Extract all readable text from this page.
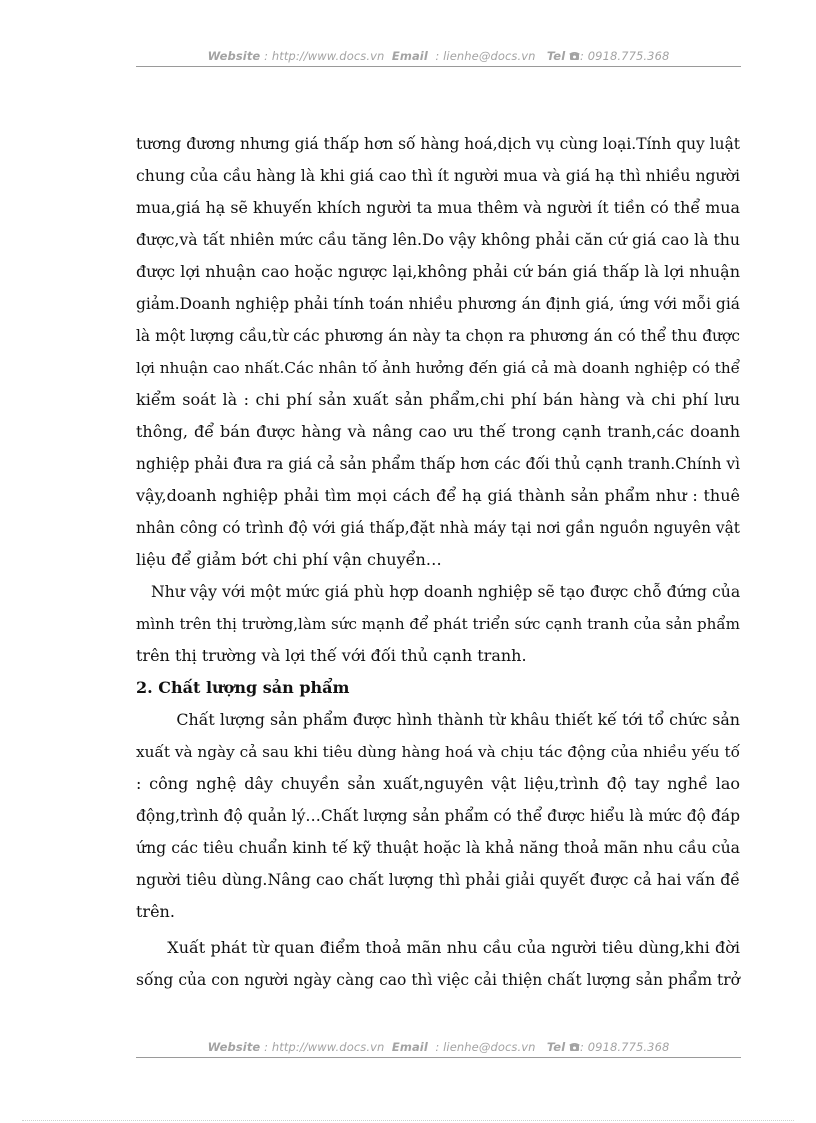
Website : http://www.docs.vn Email : lienhe@docs.vn Tel : 0918.775.368
tương đương nhưng giá thấp hơn số hàng hoá,dịch vụ cùng loại.Tính quy luật
chung của cầu hàng là khi giá cao thì ít người mua và giá hạ thì nhiều người
mua,giá hạ sẽ khuyến khích người ta mua thêm và người ít tiền có thể mua
được,và tất nhiên mức cầu tăng lên.Do vậy không phải căn cứ giá cao là thu
được lợi nhuận cao hoặc ngược lại,không phải cứ bán giá thấp là lợi nhuận
giảm.Doanh nghiệp phải tính toán nhiều phương án định giá, ứng với mỗi giá
là một lượng cầu,từ các phương án này ta chọn ra phương án có thể thu được
lợi nhuận cao nhất.Các nhân tố ảnh hưởng đến giá cả mà doanh nghiệp có thể
kiểm soát là : chi phí sản xuất sản phẩm,chi phí bán hàng và chi phí lưu
thông, để bán được hàng và nâng cao ưu thế trong cạnh tranh,các doanh
nghiệp phải đưa ra giá cả sản phẩm thấp hơn các đối thủ cạnh tranh.Chính vì
vậy,doanh nghiệp phải tìm mọi cách để hạ giá thành sản phẩm như : thuê
nhân công có trình độ với giá thấp,đặt nhà máy tại nơi gần nguồn nguyên vật
liệu để giảm bớt chi phí vận chuyển…
Như vậy với một mức giá phù hợp doanh nghiệp sẽ tạo được chỗ đứng của
mình trên thị trường,làm sức mạnh để phát triển sức cạnh tranh của sản phẩm
trên thị trường và lợi thế với đối thủ cạnh tranh.
2. Chất lượng sản phẩm
Chất lượng sản phẩm được hình thành từ khâu thiết kế tới tổ chức sản
xuất và ngày cả sau khi tiêu dùng hàng hoá và chịu tác động của nhiều yếu tố
: công nghệ dây chuyền sản xuất,nguyên vật liệu,trình độ tay nghề lao
động,trình độ quản lý…Chất lượng sản phẩm có thể được hiểu là mức độ đáp
ứng các tiêu chuẩn kinh tế kỹ thuật hoặc là khả năng thoả mãn nhu cầu của
người tiêu dùng.Nâng cao chất lượng thì phải giải quyết được cả hai vấn đề
trên.
Xuất phát từ quan điểm thoả mãn nhu cầu của người tiêu dùng,khi đời
sống của con người ngày càng cao thì việc cải thiện chất lượng sản phẩm trở
Website : http://www.docs.vn Email : lienhe@docs.vn Tel : 0918.775.368
